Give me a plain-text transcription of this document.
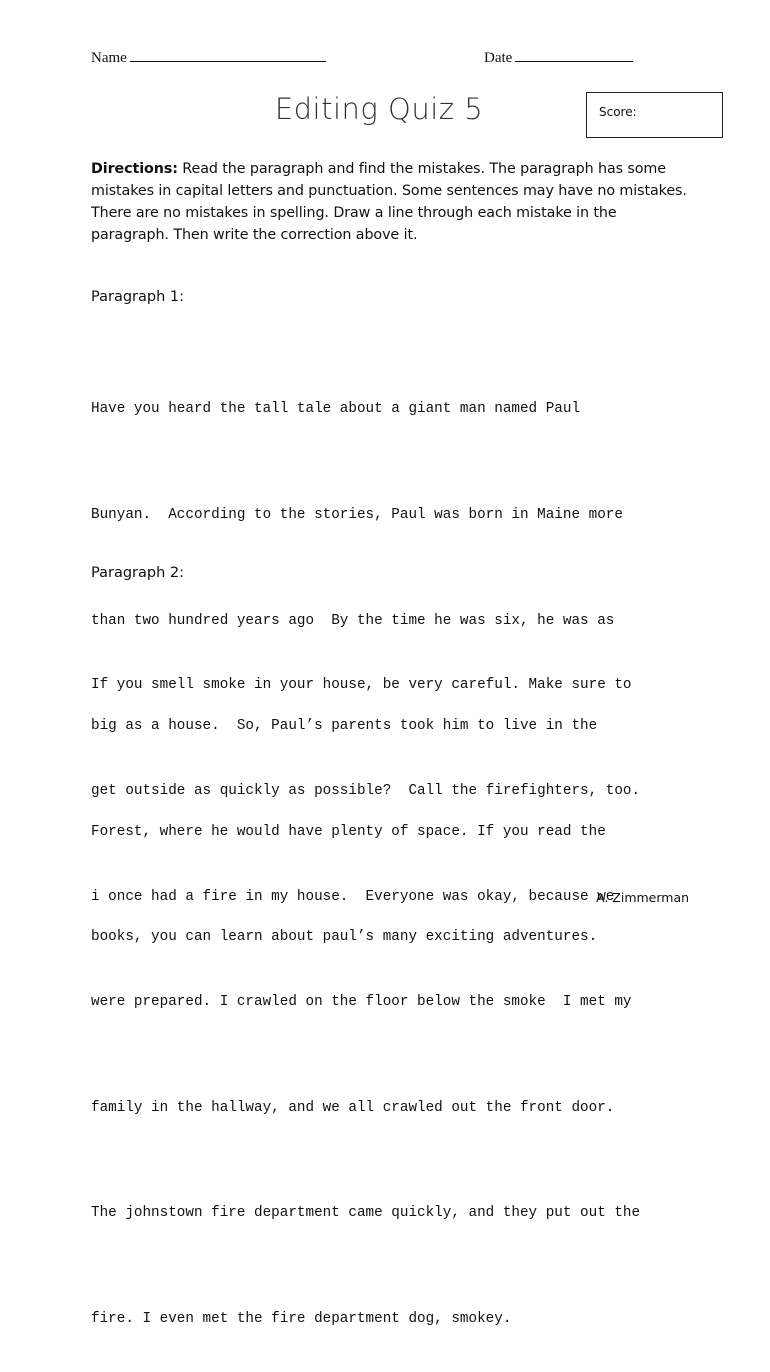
Name	Date
Editing Quiz 5	Score:
Directions: Read the paragraph and find the mistakes. The paragraph has some mistakes in capital letters and punctuation. Some sentences may have no mistakes. There are no mistakes in spelling. Draw a line through each mistake in the paragraph. Then write the correction above it.
Paragraph 1:

Have you heard the tall tale about a giant man named Paul

Bunyan.  According to the stories, Paul was born in Maine more

than two hundred years ago  By the time he was six, he was as

big as a house.  So, Paul’s parents took him to live in the

Forest, where he would have plenty of space. If you read the

books, you can learn about paul’s many exciting adventures.

Paragraph 2:

If you smell smoke in your house, be very careful. Make sure to

get outside as quickly as possible?  Call the firefighters, too.

i once had a fire in my house.  Everyone was okay, because we

were prepared. I crawled on the floor below the smoke  I met my

family in the hallway, and we all crawled out the front door.

The johnstown fire department came quickly, and they put out the

fire. I even met the fire department dog, smokey.

A. Zimmerman
